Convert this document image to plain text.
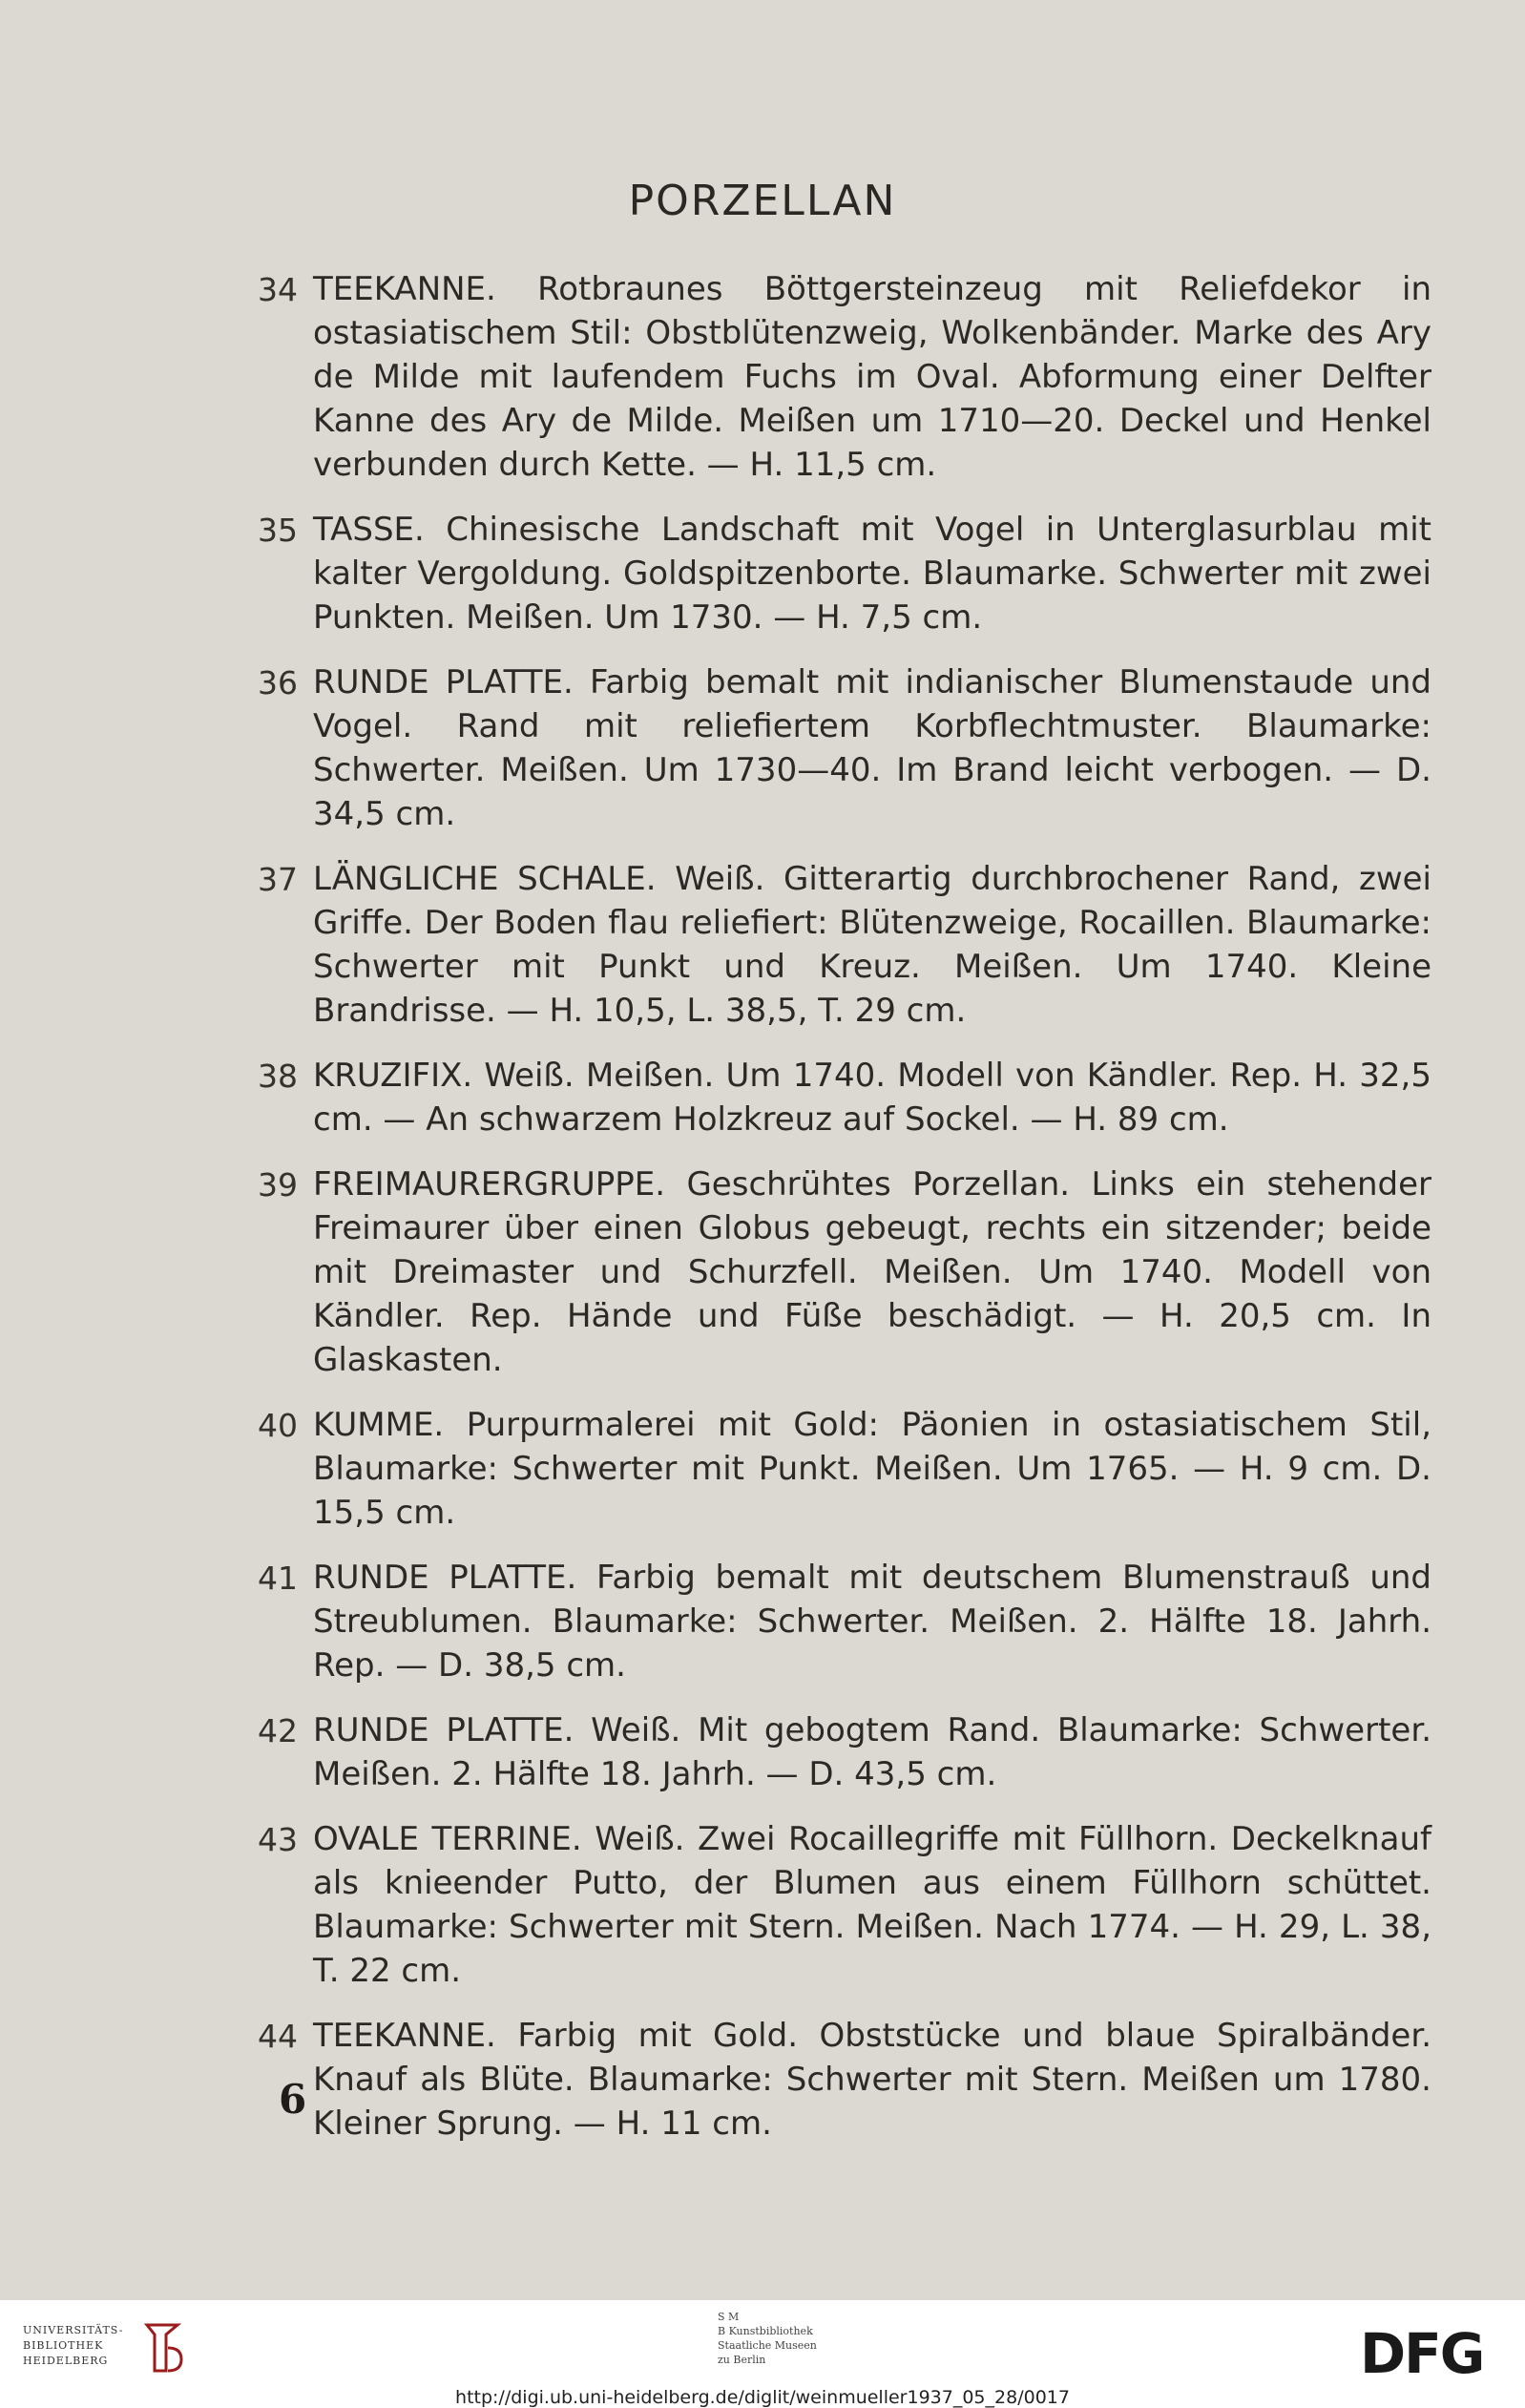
PORZELLAN
34 TEEKANNE. Rotbraunes Böttgersteinzeug mit Reliefdekor in ostasiatischem Stil: Obstblütenzweig, Wolkenbänder. Marke des Ary de Milde mit laufendem Fuchs im Oval. Abformung einer Delfter Kanne des Ary de Milde. Meißen um 1710—20. Deckel und Henkel verbunden durch Kette. — H. 11,5 cm.
35 TASSE. Chinesische Landschaft mit Vogel in Unterglasurblau mit kalter Vergoldung. Goldspitzenborte. Blaumarke. Schwerter mit zwei Punkten. Meißen. Um 1730. — H. 7,5 cm.
36 RUNDE PLATTE. Farbig bemalt mit indianischer Blumenstaude und Vogel. Rand mit reliefiertem Korbflechtmuster. Blaumarke: Schwerter. Meißen. Um 1730—40. Im Brand leicht verbogen. — D. 34,5 cm.
37 LÄNGLICHE SCHALE. Weiß. Gitterartig durchbrochener Rand, zwei Griffe. Der Boden flau reliefiert: Blütenzweige, Rocaillen. Blaumarke: Schwerter mit Punkt und Kreuz. Meißen. Um 1740. Kleine Brandrisse. — H. 10,5, L. 38,5, T. 29 cm.
38 KRUZIFIX. Weiß. Meißen. Um 1740. Modell von Kändler. Rep. H. 32,5 cm. — An schwarzem Holzkreuz auf Sockel. — H. 89 cm.
39 FREIMAURERGRUPPE. Geschrühtes Porzellan. Links ein stehender Freimaurer über einen Globus gebeugt, rechts ein sitzender; beide mit Dreimaster und Schurzfell. Meißen. Um 1740. Modell von Kändler. Rep. Hände und Füße beschädigt. — H. 20,5 cm. In Glaskasten.
40 KUMME. Purpurmalerei mit Gold: Päonien in ostasiatischem Stil, Blaumarke: Schwerter mit Punkt. Meißen. Um 1765. — H. 9 cm. D. 15,5 cm.
41 RUNDE PLATTE. Farbig bemalt mit deutschem Blumenstrauß und Streublumen. Blaumarke: Schwerter. Meißen. 2. Hälfte 18. Jahrh. Rep. — D. 38,5 cm.
42 RUNDE PLATTE. Weiß. Mit gebogtem Rand. Blaumarke: Schwerter. Meißen. 2. Hälfte 18. Jahrh. — D. 43,5 cm.
43 OVALE TERRINE. Weiß. Zwei Rocaillegriffe mit Füllhorn. Deckelknauf als knieender Putto, der Blumen aus einem Füllhorn schüttet. Blaumarke: Schwerter mit Stern. Meißen. Nach 1774. — H. 29, L. 38, T. 22 cm.
44 TEEKANNE. Farbig mit Gold. Obststücke und blaue Spiralbänder. Knauf als Blüte. Blaumarke: Schwerter mit Stern. Meißen um 1780. Kleiner Sprung. — H. 11 cm.
6
UNIVERSITÄTS-
BIBLIOTHEK
HEIDELBERG
S M
B Kunstbibliothek
Staatliche Museen
zu Berlin	DFG
http://digi.ub.uni-heidelberg.de/diglit/weinmueller1937_05_28/0017
